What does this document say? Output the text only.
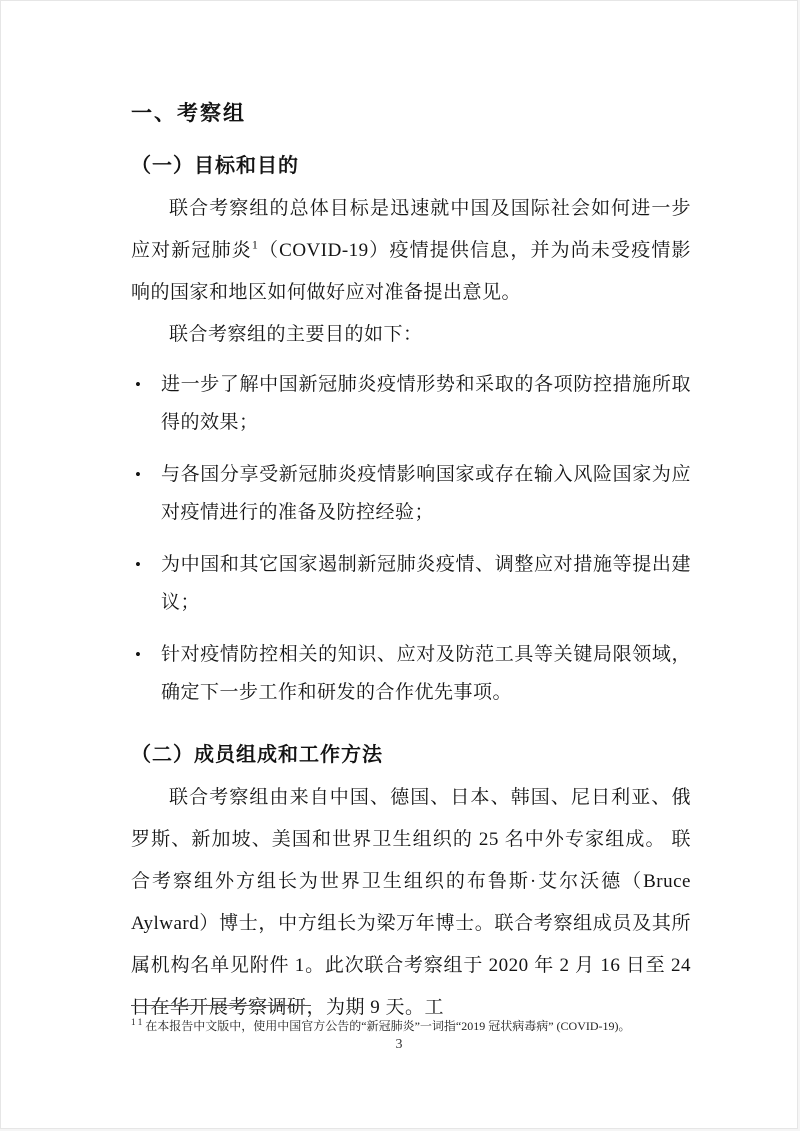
一、考察组
（一）目标和目的

联合考察组的总体目标是迅速就中国及国际社会如何进一步应对新冠肺炎$^1$（COVID-19）疫情提供信息，并为尚未受疫情影响的国家和地区如何做好应对准备提出意见。

联合考察组的主要目的如下：

•	进一步了解中国新冠肺炎疫情形势和采取的各项防控措施所取得的效果；
•	与各国分享受新冠肺炎疫情影响国家或存在输入风险国家为应对疫情进行的准备及防控经验；
•	为中国和其它国家遏制新冠肺炎疫情、调整应对措施等提出建议；
•	针对疫情防控相关的知识、应对及防范工具等关键局限领域，确定下一步工作和研发的合作优先事项。
（二）成员组成和工作方法

联合考察组由来自中国、德国、日本、韩国、尼日利亚、俄罗斯、新加坡、美国和世界卫生组织的 25 名中外专家组成。 联合考察组外方组长为世界卫生组织的布鲁斯·艾尔沃德（Bruce Aylward）博士，中方组长为梁万年博士。联合考察组成员及其所属机构名单见附件 1。此次联合考察组于 2020 年 2 月 16 日至 24 日在华开展考察调研，为期 9 天。工

$^{1 1}$ 在本报告中文版中，使用中国官方公告的“新冠肺炎”一词指“2019 冠状病毒病” (COVID-19)。
3
